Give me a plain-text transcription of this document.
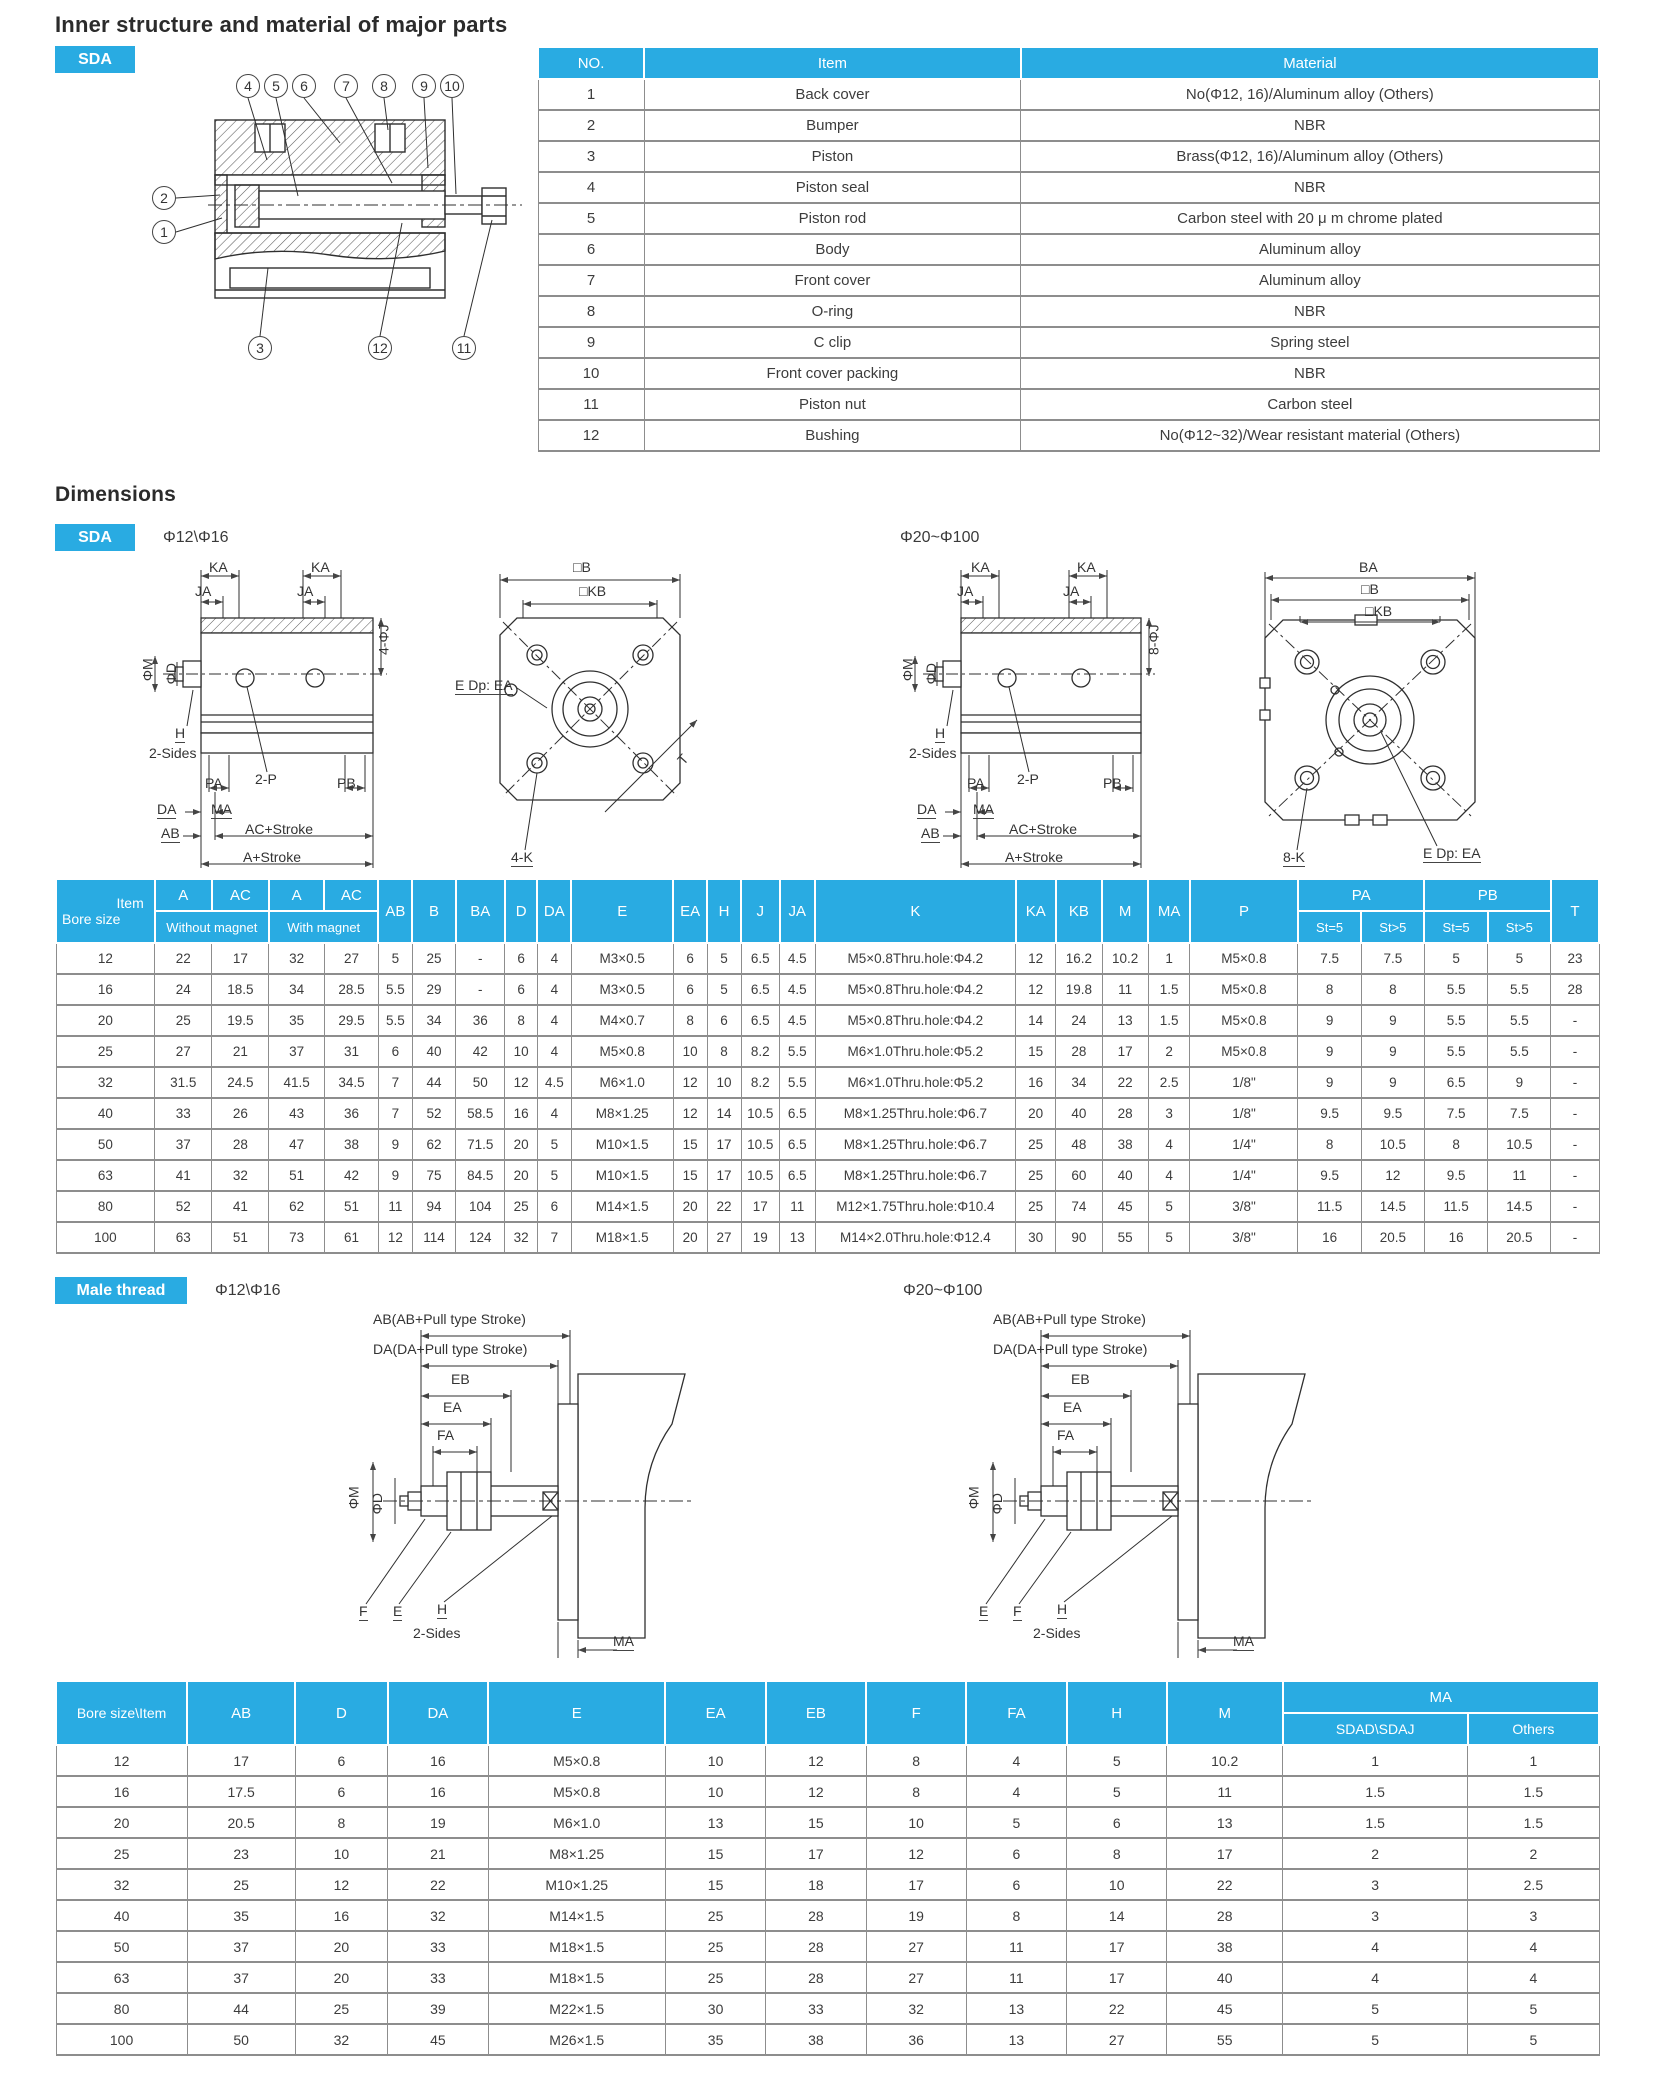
Inner structure and material of major parts
SDA
4	5	6	7	8	9	10
2
1
3	12	11
NO.	Item	Material
1	Back cover	No(Φ12, 16)/Aluminum alloy (Others)
2	Bumper	NBR
3	Piston	Brass(Φ12, 16)/Aluminum alloy (Others)
4	Piston seal	NBR
5	Piston rod	Carbon steel with 20 μ m chrome plated
6	Body	Aluminum alloy
7	Front cover	Aluminum alloy
8	O-ring	NBR
9	C clip	Spring steel
10	Front cover packing	NBR
11	Piston nut	Carbon steel
12	Bushing	No(Φ12~32)/Wear resistant material (Others)
Dimensions
SDA	Φ12\Φ16	Φ20~Φ100
KA	KA
JA	JA
4-ΦJ
ΦM ΦD
H
2-Sides
PA 2-P	PB
DA MA
AB	AC+Stroke
A+Stroke
□B
□KB
E Dp: EA
4-K
T
KA	KA
JA	JA
8-ΦJ
ΦM ΦD
H
2-Sides
PA 2-P	PB
DA	MA
AB	AC+Stroke
A+Stroke
BA
□B
□KB
8-K	E Dp: EA
Item
Bore size	A	AC	A	AC	AB	B	BA	D	DA	E	EA	H	J	JA	K	KA	KB	M	MA	P	PA		PB		T
	Without magnet		With magnet																		St=5	St>5	St=5	St>5	
12	22	17	32	27	5	25	-	6	4	M3×0.5	6	5	6.5	4.5	M5×0.8Thru.hole:Φ4.2	12	16.2	10.2	1	M5×0.8	7.5	7.5	5	5	23
16	24	18.5	34	28.5	5.5	29	-	6	4	M3×0.5	6	5	6.5	4.5	M5×0.8Thru.hole:Φ4.2	12	19.8	11	1.5	M5×0.8	8	8	5.5	5.5	28
20	25	19.5	35	29.5	5.5	34	36	8	4	M4×0.7	8	6	6.5	4.5	M5×0.8Thru.hole:Φ4.2	14	24	13	1.5	M5×0.8	9	9	5.5	5.5	-
25	27	21	37	31	6	40	42	10	4	M5×0.8	10	8	8.2	5.5	M6×1.0Thru.hole:Φ5.2	15	28	17	2	M5×0.8	9	9	5.5	5.5	-
32	31.5	24.5	41.5	34.5	7	44	50	12	4.5	M6×1.0	12	10	8.2	5.5	M6×1.0Thru.hole:Φ5.2	16	34	22	2.5	1/8"	9	9	6.5	9	-
40	33	26	43	36	7	52	58.5	16	4	M8×1.25	12	14	10.5	6.5	M8×1.25Thru.hole:Φ6.7	20	40	28	3	1/8"	9.5	9.5	7.5	7.5	-
50	37	28	47	38	9	62	71.5	20	5	M10×1.5	15	17	10.5	6.5	M8×1.25Thru.hole:Φ6.7	25	48	38	4	1/4"	8	10.5	8	10.5	-
63	41	32	51	42	9	75	84.5	20	5	M10×1.5	15	17	10.5	6.5	M8×1.25Thru.hole:Φ6.7	25	60	40	4	1/4"	9.5	12	9.5	11	-
80	52	41	62	51	11	94	104	25	6	M14×1.5	20	22	17	11	M12×1.75Thru.hole:Φ10.4	25	74	45	5	3/8"	11.5	14.5	11.5	14.5	-
100	63	51	73	61	12	114	124	32	7	M18×1.5	20	27	19	13	M14×2.0Thru.hole:Φ12.4	30	90	55	5	3/8"	16	20.5	16	20.5	-
Male thread	Φ12\Φ16	Φ20~Φ100
AB(AB+Pull type Stroke)
DA(DA+Pull type Stroke)
EB
EA
FA
ΦM ΦD
F E H
2-Sides	MA
AB(AB+Pull type Stroke)
DA(DA+Pull type Stroke)
EB
EA
FA
ΦM ΦD
E F	H
2-Sides	MA
Bore size\Item	AB	D	DA	E	EA	EB	F	FA	H	M	MA	
											SDAD\SDAJ	Others
12	17	6	16	M5×0.8	10	12	8	4	5	10.2	1	1
16	17.5	6	16	M5×0.8	10	12	8	4	5	11	1.5	1.5
20	20.5	8	19	M6×1.0	13	15	10	5	6	13	1.5	1.5
25	23	10	21	M8×1.25	15	17	12	6	8	17	2	2
32	25	12	22	M10×1.25	15	18	17	6	10	22	3	2.5
40	35	16	32	M14×1.5	25	28	19	8	14	28	3	3
50	37	20	33	M18×1.5	25	28	27	11	17	38	4	4
63	37	20	33	M18×1.5	25	28	27	11	17	40	4	4
80	44	25	39	M22×1.5	30	33	32	13	22	45	5	5
100	50	32	45	M26×1.5	35	38	36	13	27	55	5	5
